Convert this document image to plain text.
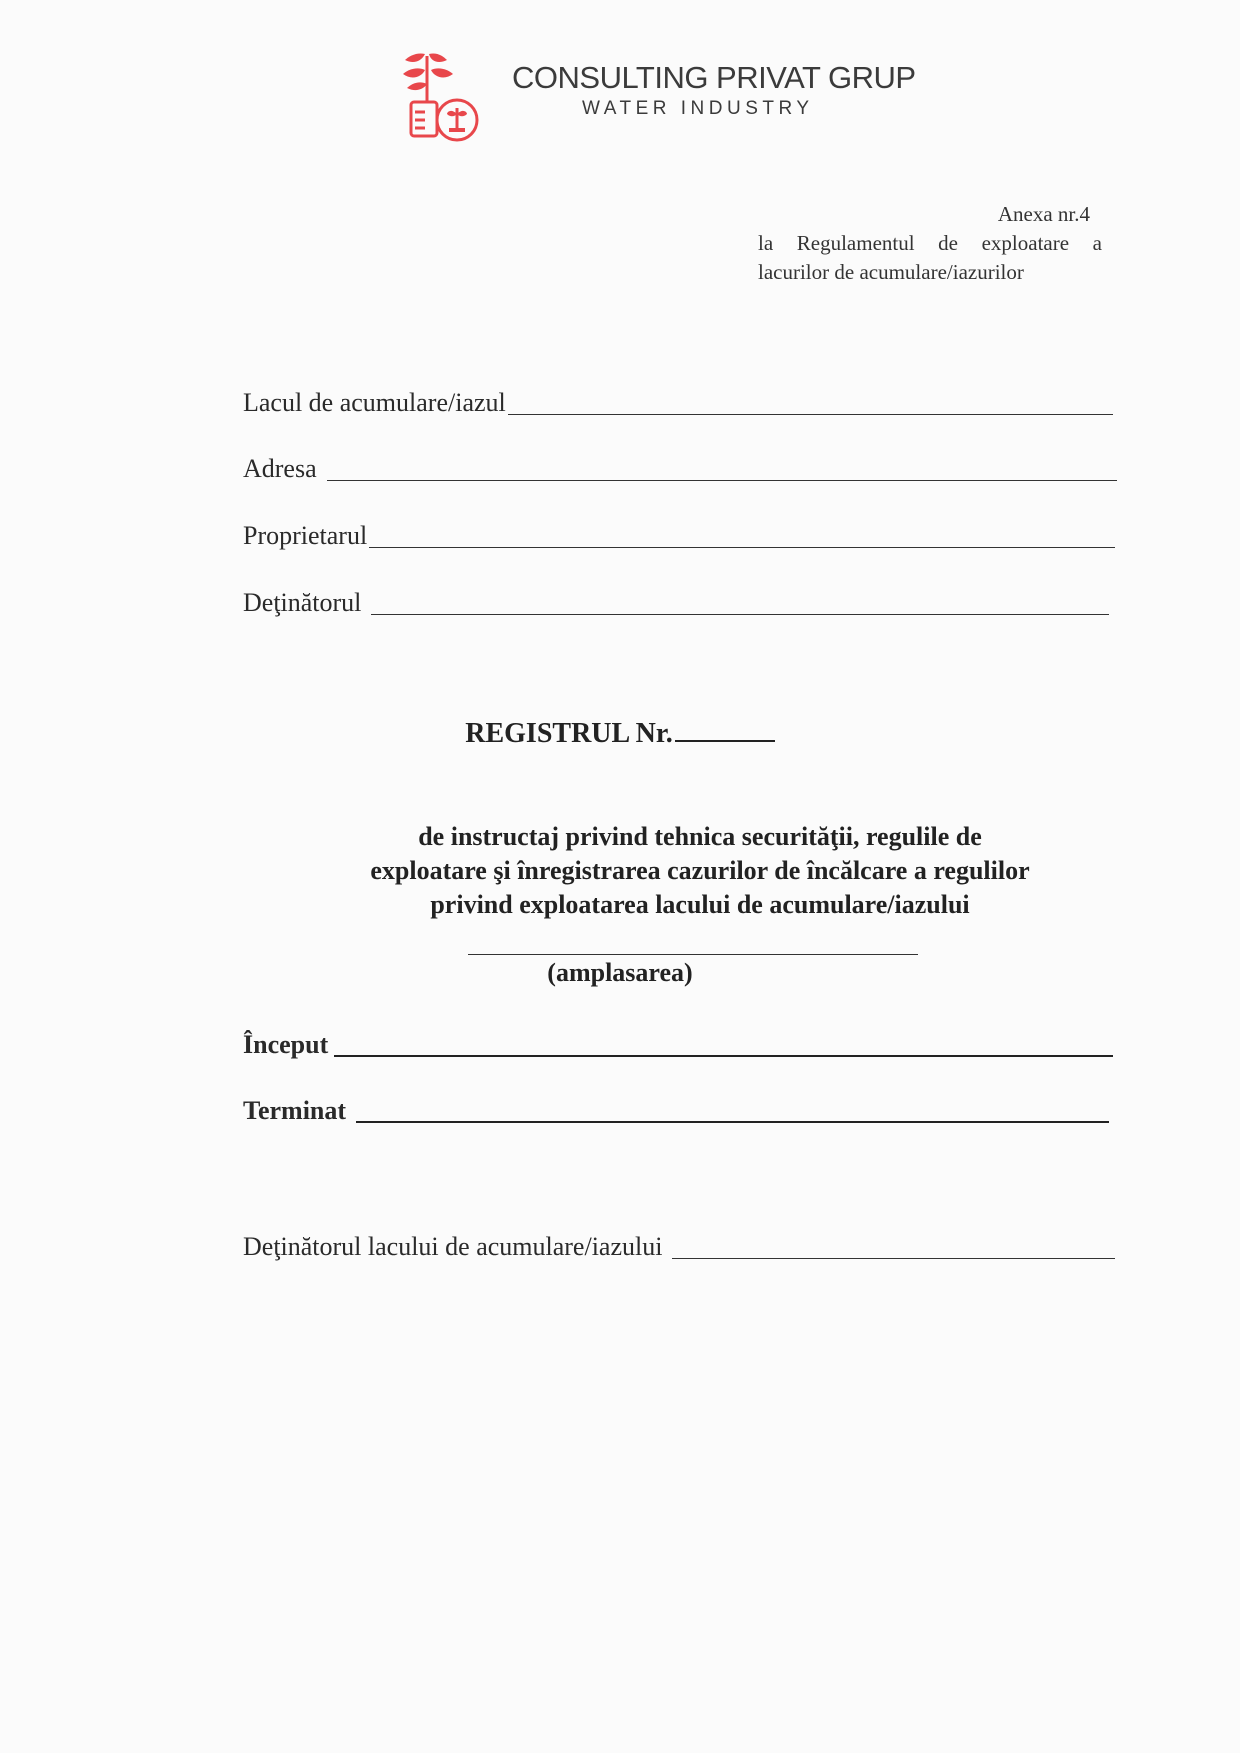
CONSULTING PRIVAT GRUP
WATER INDUSTRY
Anexa nr.4
la Regulamentul de exploatare a
lacurilor de acumulare/iazurilor
Lacul de acumulare/iazul
Adresa
Proprietarul
Deţinătorul
REGISTRUL Nr.
de instructaj privind tehnica securităţii, regulile de
exploatare şi înregistrarea cazurilor de încălcare a regulilor
privind exploatarea lacului de acumulare/iazului
(amplasarea)
Început
Terminat
Deţinătorul lacului de acumulare/iazului
